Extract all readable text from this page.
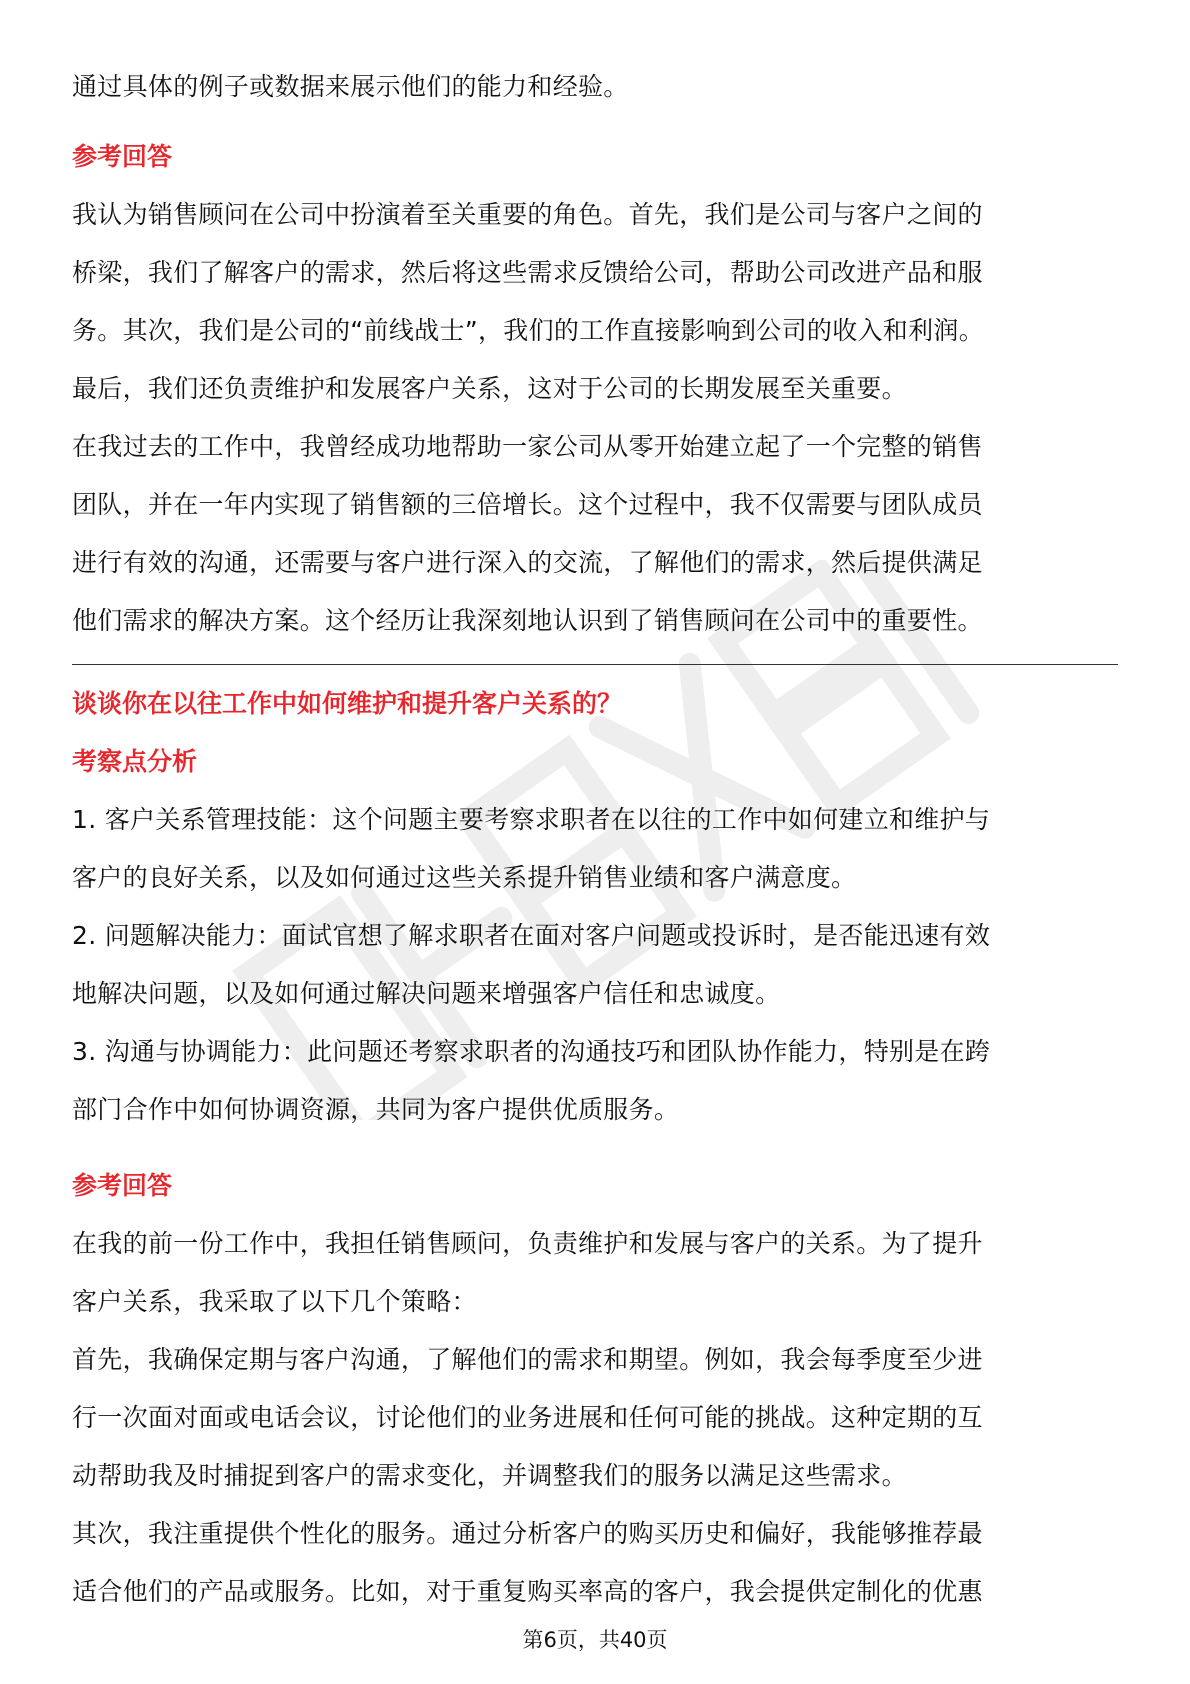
通过具体的例子或数据来展示他们的能力和经验。
参考回答
我认为销售顾问在公司中扮演着至关重要的角色。首先，我们是公司与客户之间的
桥梁，我们了解客户的需求，然后将这些需求反馈给公司，帮助公司改进产品和服
务。其次，我们是公司的“前线战士”，我们的工作直接影响到公司的收入和利润。
最后，我们还负责维护和发展客户关系，这对于公司的长期发展至关重要。
在我过去的工作中，我曾经成功地帮助一家公司从零开始建立起了一个完整的销售
团队，并在一年内实现了销售额的三倍增长。这个过程中，我不仅需要与团队成员
进行有效的沟通，还需要与客户进行深入的交流，了解他们的需求，然后提供满足
他们需求的解决方案。这个经历让我深刻地认识到了销售顾问在公司中的重要性。
谈谈你在以往工作中如何维护和提升客户关系的？
考察点分析
1. 客户关系管理技能：这个问题主要考察求职者在以往的工作中如何建立和维护与
客户的良好关系，以及如何通过这些关系提升销售业绩和客户满意度。
2. 问题解决能力：面试官想了解求职者在面对客户问题或投诉时，是否能迅速有效
地解决问题，以及如何通过解决问题来增强客户信任和忠诚度。
3. 沟通与协调能力：此问题还考察求职者的沟通技巧和团队协作能力，特别是在跨
部门合作中如何协调资源，共同为客户提供优质服务。
参考回答
在我的前一份工作中，我担任销售顾问，负责维护和发展与客户的关系。为了提升
客户关系，我采取了以下几个策略：
首先，我确保定期与客户沟通，了解他们的需求和期望。例如，我会每季度至少进
行一次面对面或电话会议，讨论他们的业务进展和任何可能的挑战。这种定期的互
动帮助我及时捕捉到客户的需求变化，并调整我们的服务以满足这些需求。
其次，我注重提供个性化的服务。通过分析客户的购买历史和偏好，我能够推荐最
适合他们的产品或服务。比如，对于重复购买率高的客户，我会提供定制化的优惠
第6页，共40页
